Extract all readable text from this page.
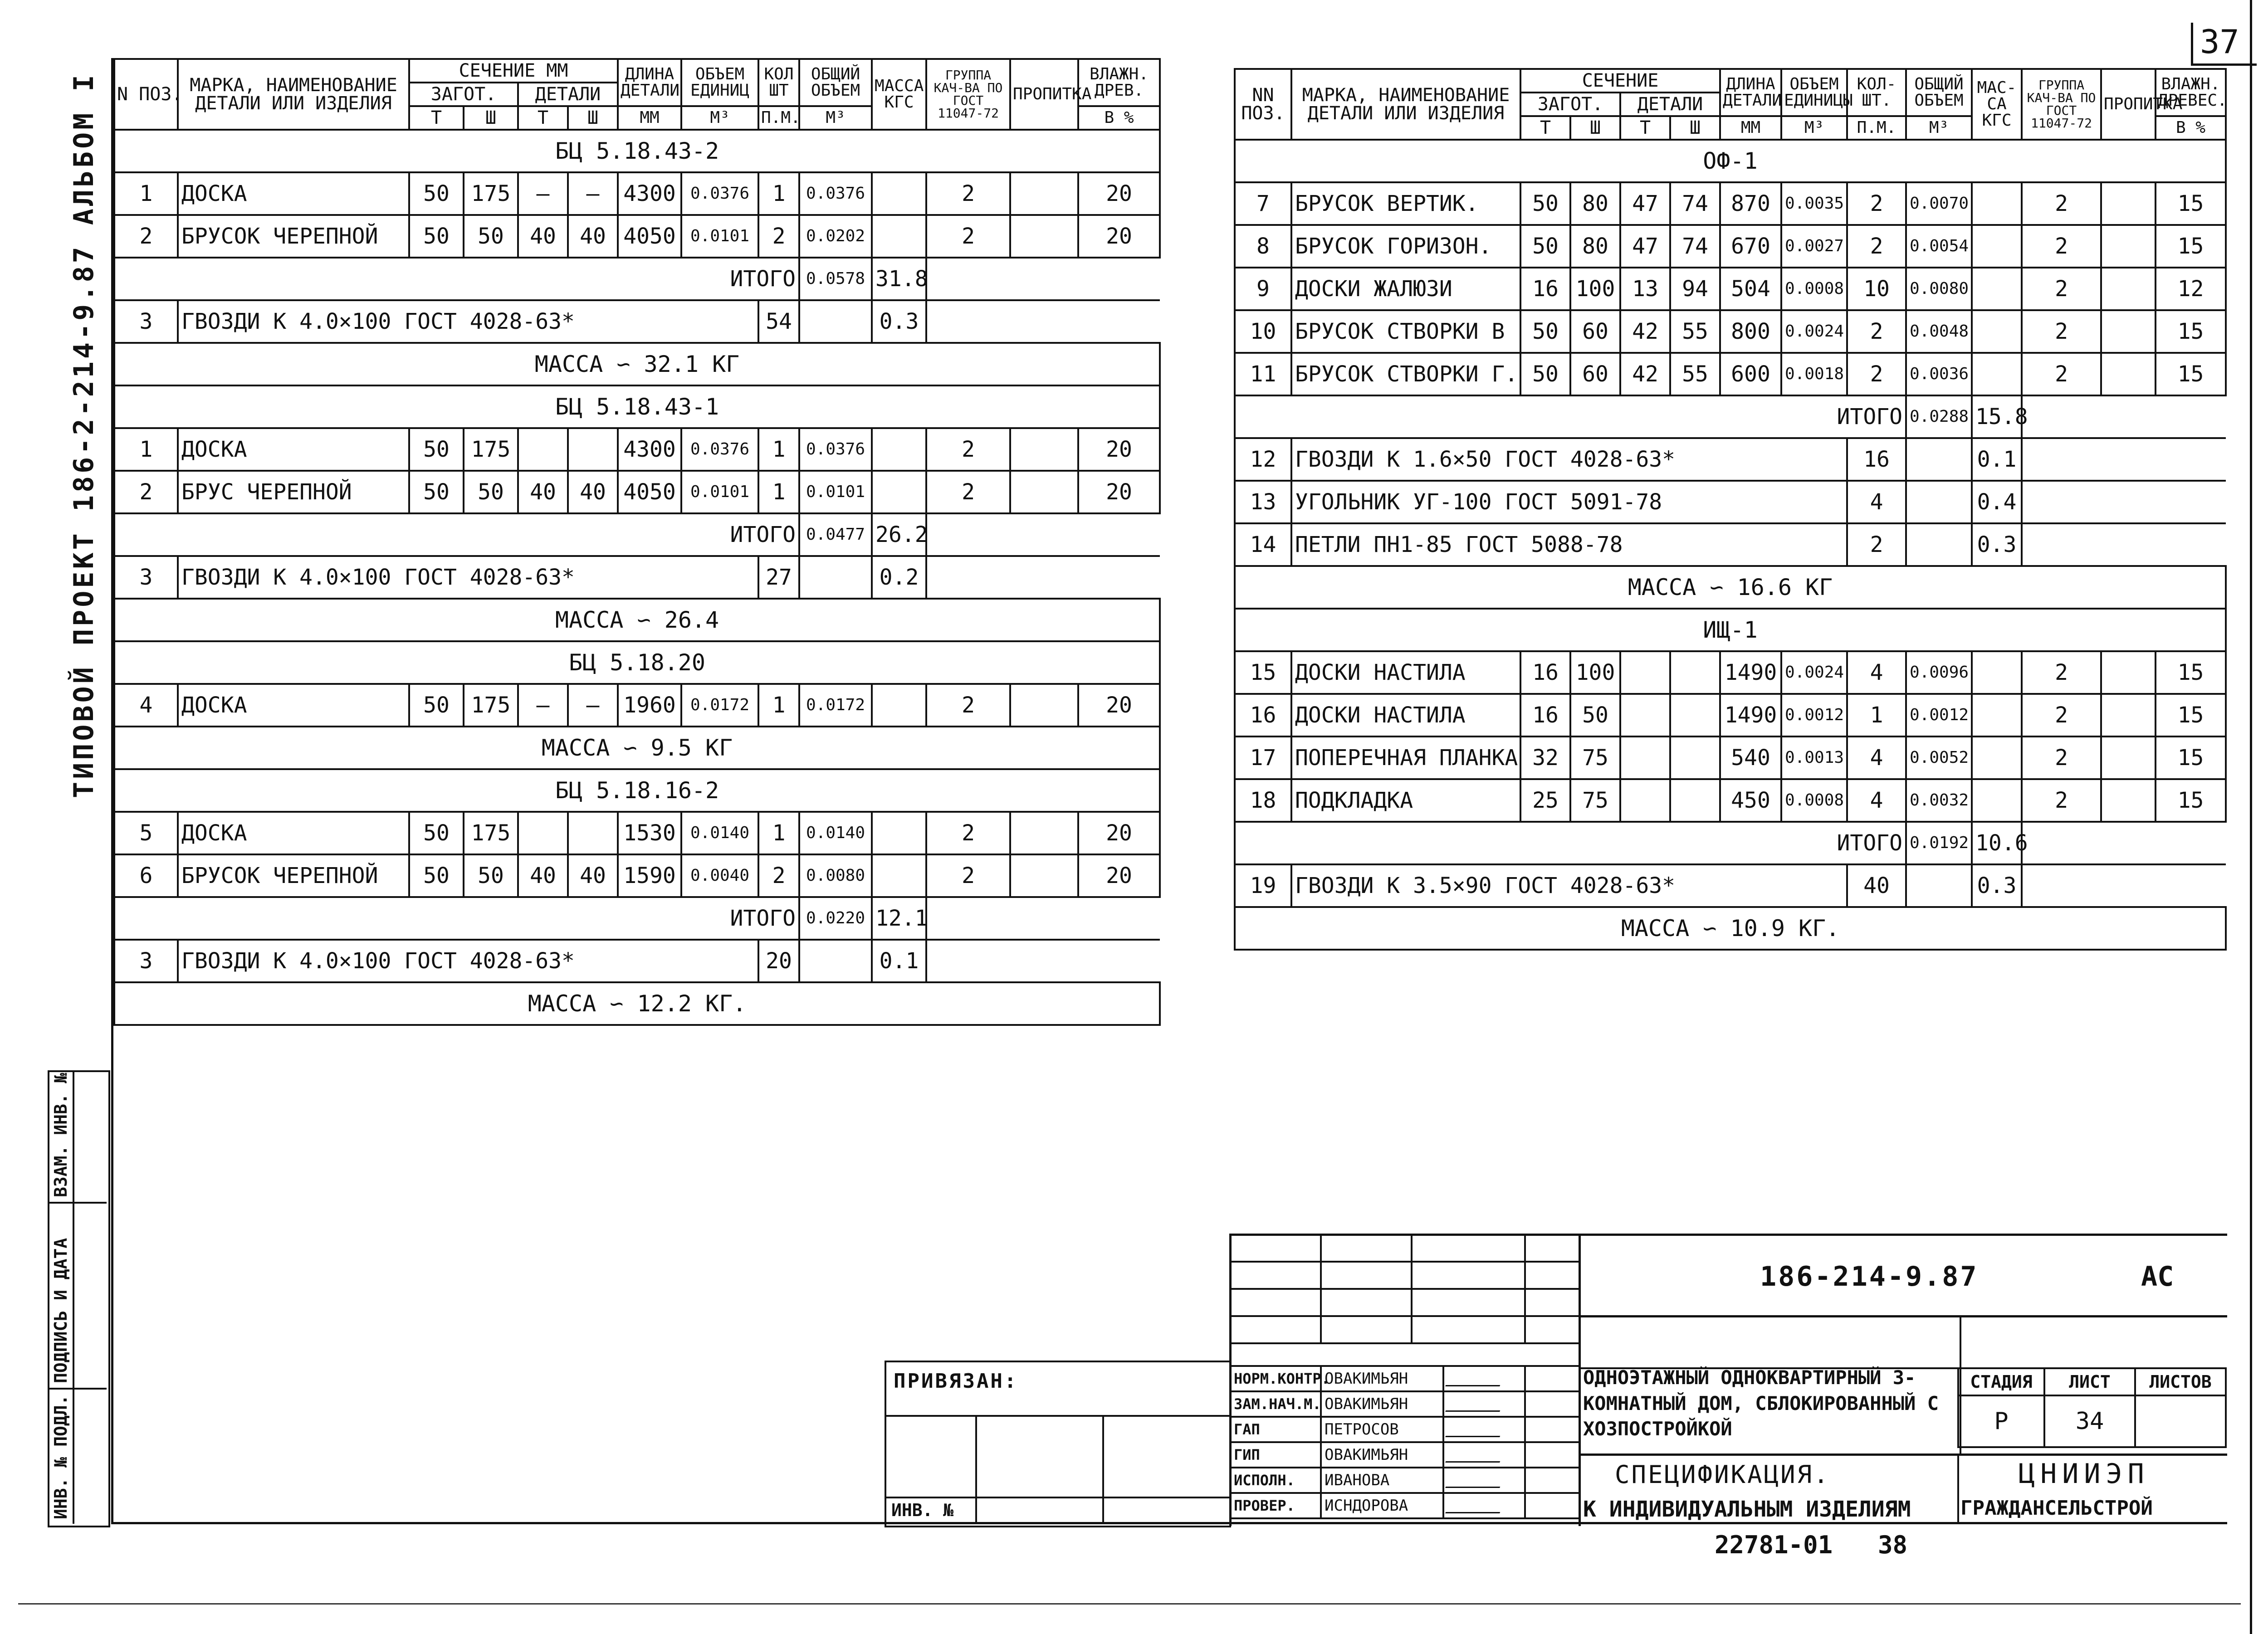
37
ТИПОВОЙ ПРОЕКТ 186-2-214-9.87 АЛЬБОМ I
ИНВ. № ПОДЛ.
ПОДПИСЬ И ДАТА
ВЗАМ. ИНВ. №
N ПОЗ.	МАРКА, НАИМЕНОВАНИЕ ДЕТАЛИ ИЛИ ИЗДЕЛИЯ	СЕЧЕНИЕ ММ				ДЛИНА ДЕТАЛИ	ОБЪЕМ ЕДИНИЦ	КОЛ ШТ	ОБЩИЙ ОБЪЕМ	МАССА КГС	ГРУППА КАЧ-ВА ПО ГОСТ 11047-72	ПРОПИТКА	ВЛАЖН. ДРЕВ.
		ЗАГОТ.		ДЕТАЛИ									
		Т	Ш	Т	Ш	ММ	М³	П.М.	М³				В %
БЦ 5.18.43-2													
1	ДОСКА	50	175	—	—	4300	0.0376	1	0.0376		2		20
2	БРУСОК ЧЕРЕПНОЙ	50	50	40	40	4050	0.0101	2	0.0202		2		20
ИТОГО									0.0578	31.8			
3	ГВОЗДИ К 4.0×100 ГОСТ 4028-63*							54		0.3			
МАССА ∽ 32.1 КГ													
БЦ 5.18.43-1													
1	ДОСКА	50	175			4300	0.0376	1	0.0376		2		20
2	БРУС ЧЕРЕПНОЙ	50	50	40	40	4050	0.0101	1	0.0101		2		20
ИТОГО									0.0477	26.2			
3	ГВОЗДИ К 4.0×100 ГОСТ 4028-63*							27		0.2			
МАССА ∽ 26.4													
БЦ 5.18.20													
4	ДОСКА	50	175	—	—	1960	0.0172	1	0.0172		2		20
МАССА ∽ 9.5 КГ													
БЦ 5.18.16-2													
5	ДОСКА	50	175			1530	0.0140	1	0.0140		2		20
6	БРУСОК ЧЕРЕПНОЙ	50	50	40	40	1590	0.0040	2	0.0080		2		20
ИТОГО									0.0220	12.1			
3	ГВОЗДИ К 4.0×100 ГОСТ 4028-63*							20		0.1			
МАССА ∽ 12.2 КГ.													
NN ПОЗ.	МАРКА, НАИМЕНОВАНИЕ ДЕТАЛИ ИЛИ ИЗДЕЛИЯ	СЕЧЕНИЕ				ДЛИНА ДЕТАЛИ	ОБЪЕМ ЕДИНИЦЫ	КОЛ-ШТ.	ОБЩИЙ ОБЪЕМ	МАС-СА КГС	ГРУППА КАЧ-ВА ПО ГОСТ 11047-72	ПРОПИТКА	ВЛАЖН. ДРЕВЕС.
		ЗАГОТ.		ДЕТАЛИ									
		Т	Ш	Т	Ш	ММ	М³	П.М.	М³				В %
ОФ-1													
7	БРУСОК ВЕРТИК.	50	80	47	74	870	0.0035	2	0.0070		2		15
8	БРУСОК ГОРИЗОН.	50	80	47	74	670	0.0027	2	0.0054		2		15
9	ДОСКИ ЖАЛЮЗИ	16	100	13	94	504	0.0008	10	0.0080		2		12
10	БРУСОК СТВОРКИ В	50	60	42	55	800	0.0024	2	0.0048		2		15
11	БРУСОК СТВОРКИ Г.	50	60	42	55	600	0.0018	2	0.0036		2		15
ИТОГО									0.0288	15.8			
12	ГВОЗДИ К 1.6×50 ГОСТ 4028-63*							16		0.1			
13	УГОЛЬНИК УГ-100 ГОСТ 5091-78							4		0.4			
14	ПЕТЛИ ПН1-85 ГОСТ 5088-78							2		0.3			
МАССА ∽ 16.6 КГ													
ИЩ-1													
15	ДОСКИ НАСТИЛА	16	100			1490	0.0024	4	0.0096		2		15
16	ДОСКИ НАСТИЛА	16	50			1490	0.0012	1	0.0012		2		15
17	ПОПЕРЕЧНАЯ ПЛАНКА	32	75			540	0.0013	4	0.0052		2		15
18	ПОДКЛАДКА	25	75			450	0.0008	4	0.0032		2		15
ИТОГО									0.0192	10.6			
19	ГВОЗДИ К 3.5×90 ГОСТ 4028-63*							40		0.3			
МАССА ∽ 10.9 КГ.													

НОРМ.КОНТР.	ОВАКИМЬЯН		
ЗАМ.НАЧ.М.	ОВАКИМЬЯН		
ГАП	ПЕТРОСОВ		
ГИП	ОВАКИМЬЯН		
ИСПОЛН.	ИВАНОВА		
ПРОВЕР.	ИСНДОРОВА		
ПРИВЯЗАН:
ИНВ. №
186-214-9.87	АС
ОДНОЭТАЖНЫЙ ОДНОКВАРТИРНЫЙ 3-КОМНАТНЫЙ ДОМ, СБЛОКИРОВАННЫЙ С ХОЗПОСТРОЙКОЙ
СТАДИЯ	ЛИСТ	ЛИСТОВ
Р	34	
СПЕЦИФИКАЦИЯ.
К ИНДИВИДУАЛЬНЫМ ИЗДЕЛИЯМ
ЦНИИЭП
ГРАЖДАНСЕЛЬСТРОЙ
22781-01 38
